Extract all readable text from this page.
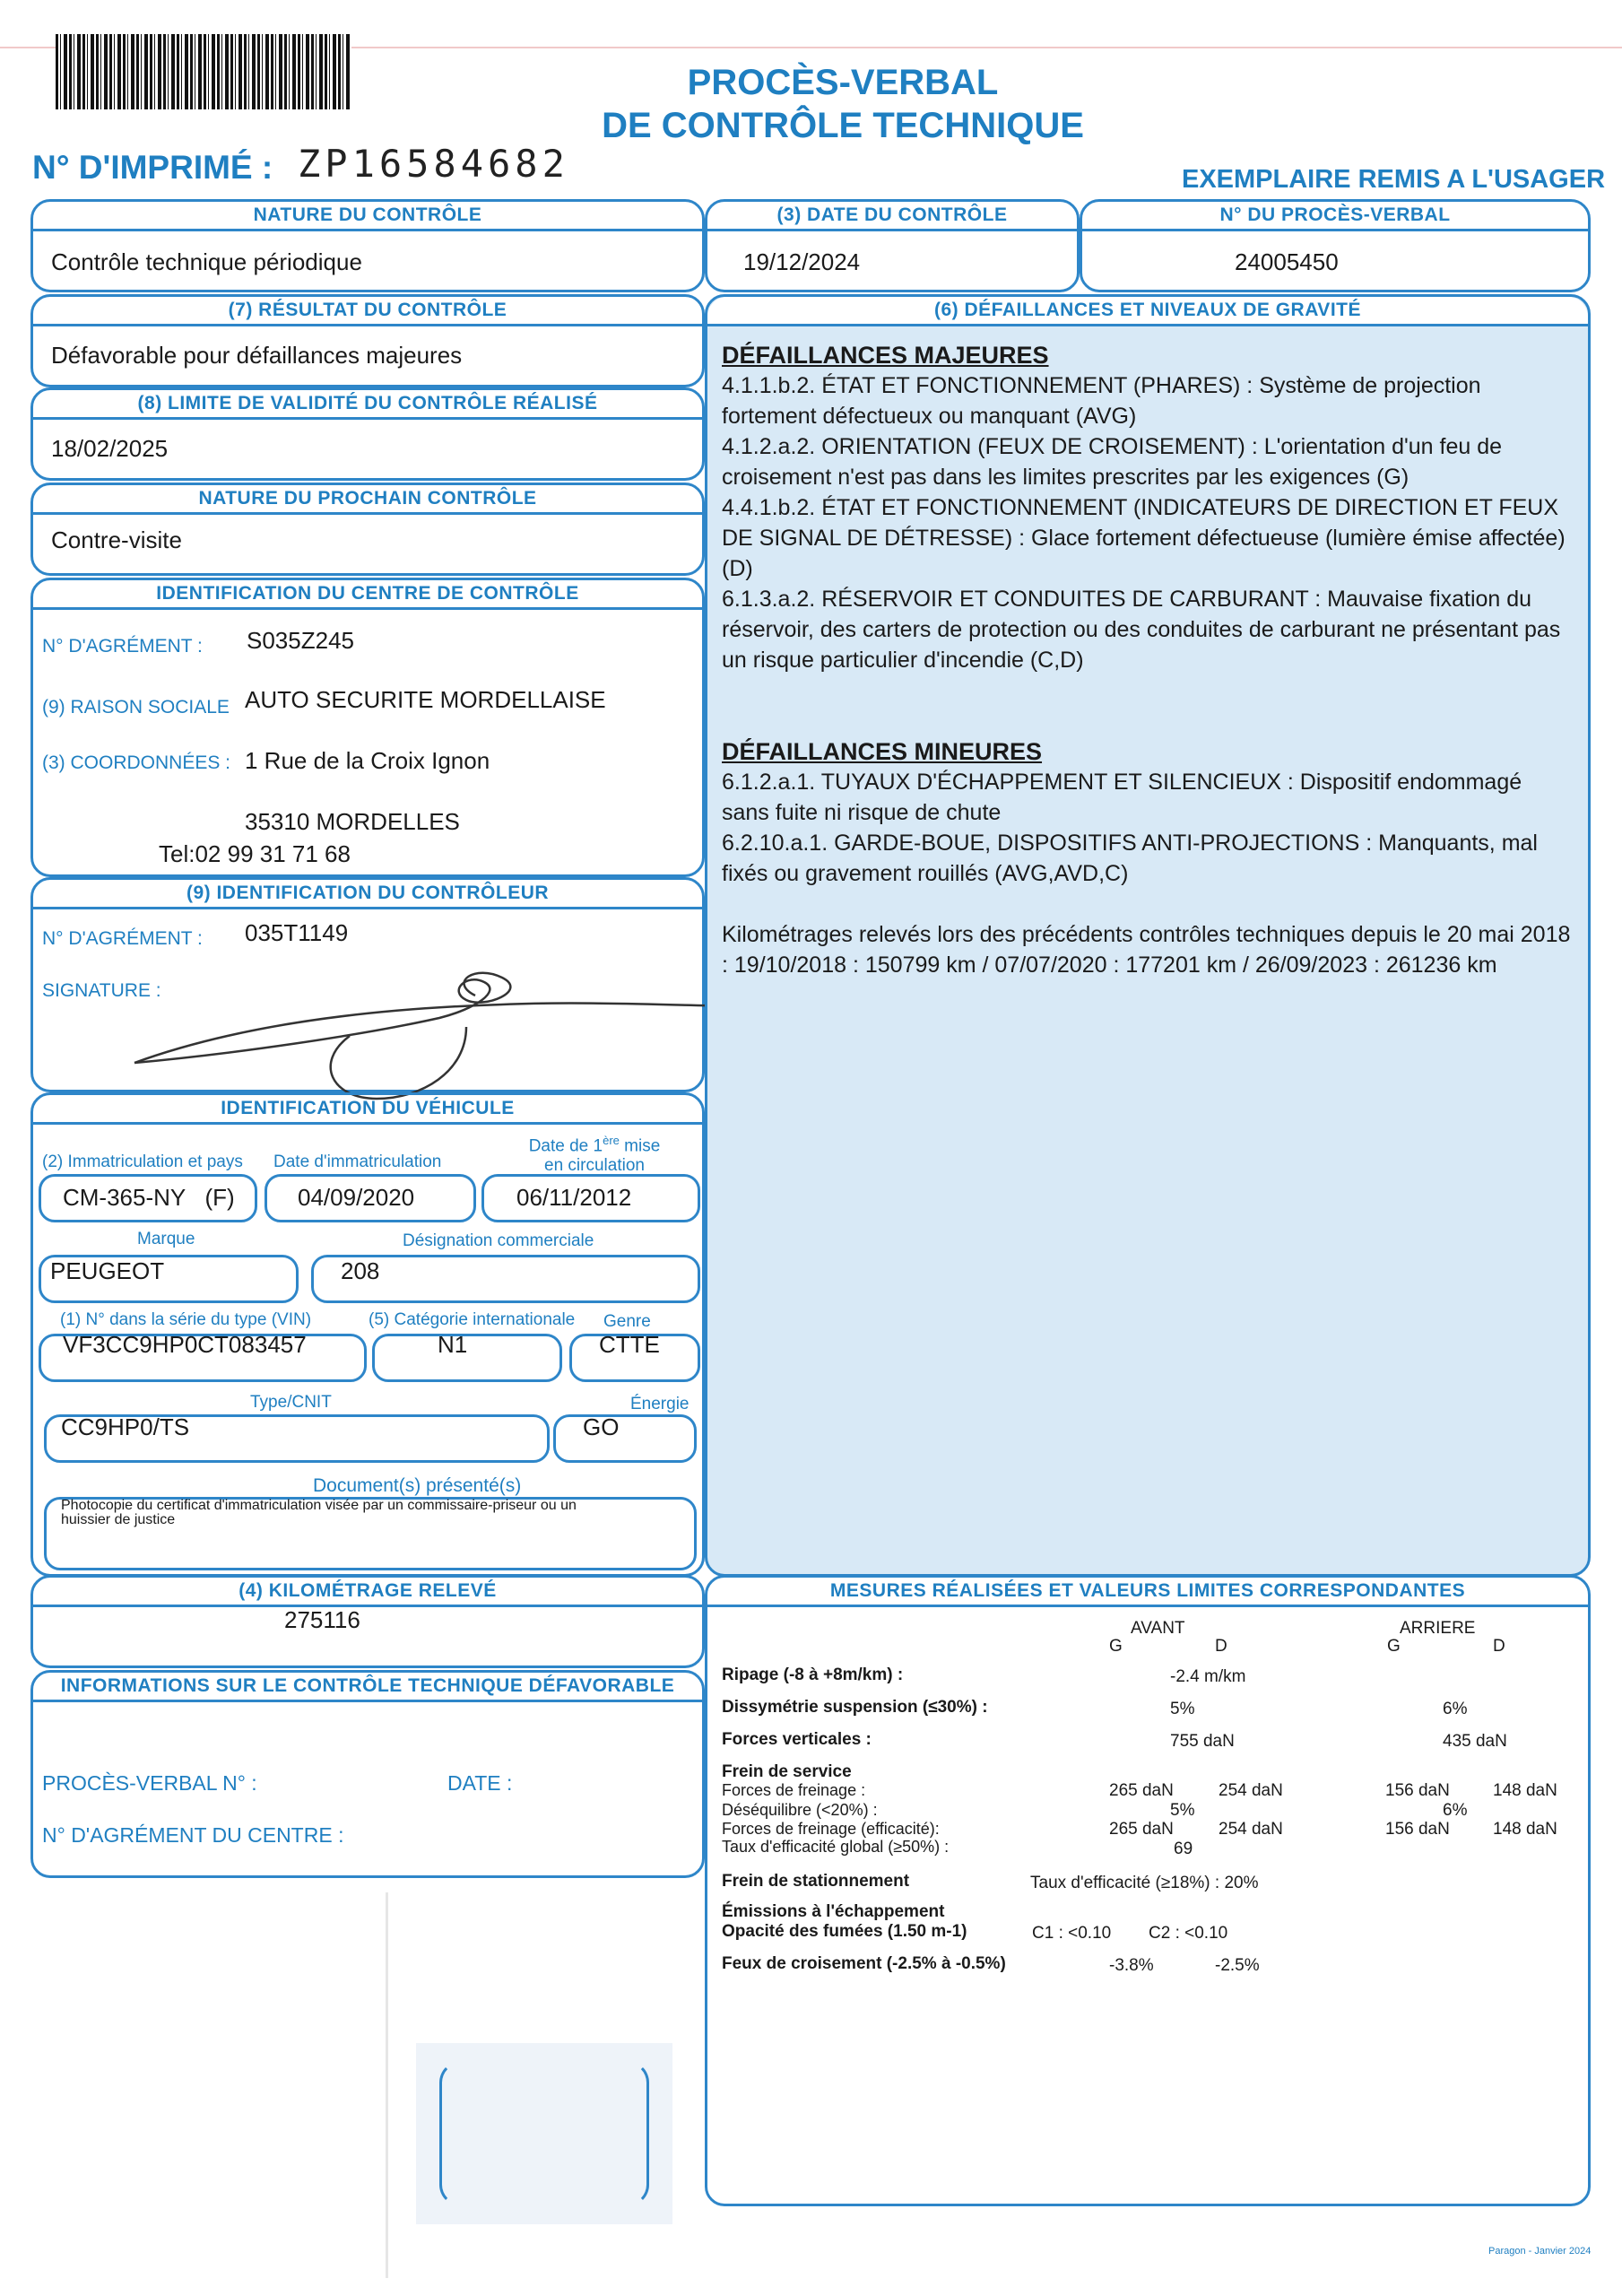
PROCÈS-VERBAL
DE CONTRÔLE TECHNIQUE
N° D'IMPRIMÉ : ZP16584682	EXEMPLAIRE REMIS A L'USAGER
NATURE DU CONTRÔLE
Contrôle technique périodique
(3) DATE DU CONTRÔLE
19/12/2024
N° DU PROCÈS-VERBAL
24005450
(7) RÉSULTAT DU CONTRÔLE
Défavorable pour défaillances majeures
(8) LIMITE DE VALIDITÉ DU CONTRÔLE RÉALISÉ
18/02/2025
NATURE DU PROCHAIN CONTRÔLE
Contre-visite
IDENTIFICATION DU CENTRE DE CONTRÔLE
N° D'AGRÉMENT : S035Z245
(9) RAISON SOCIALE AUTO SECURITE MORDELLAISE
(3) COORDONNÉES : 1 Rue de la Croix Ignon
35310 MORDELLES
Tel:02 99 31 71 68
(9) IDENTIFICATION DU CONTRÔLEUR
N° D'AGRÉMENT : 035T1149
SIGNATURE :
IDENTIFICATION DU VÉHICULE
(2) Immatriculation et pays Date d'immatriculation
Date de 1ère mise
en circulation
CM-365-NY   (F)	04/09/2020	06/11/2012
Marque	Désignation commerciale
PEUGEOT	208
(1) N° dans la série du type (VIN)	(5) Catégorie internationale Genre
VF3CC9HP0CT083457	N1	CTTE
Type/CNIT	Énergie
CC9HP0/TS	GO
Document(s) présenté(s)
Photocopie du certificat d'immatriculation visée par un commissaire-priseur ou un
huissier de justice
(4) KILOMÉTRAGE RELEVÉ
275116
INFORMATIONS SUR LE CONTRÔLE TECHNIQUE DÉFAVORABLE
PROCÈS-VERBAL N° :	DATE :
N° D'AGRÉMENT DU CENTRE :
(6) DÉFAILLANCES ET NIVEAUX DE GRAVITÉ
DÉFAILLANCES MAJEURES
4.1.1.b.2. ÉTAT ET FONCTIONNEMENT (PHARES) : Système de projection fortement défectueux ou manquant (AVG)
4.1.2.a.2. ORIENTATION (FEUX DE CROISEMENT) : L'orientation d'un feu de croisement n'est pas dans les limites prescrites par les exigences (G)
4.4.1.b.2. ÉTAT ET FONCTIONNEMENT (INDICATEURS DE DIRECTION ET FEUX DE SIGNAL DE DÉTRESSE) : Glace fortement défectueuse (lumière émise affectée) (D)
6.1.3.a.2. RÉSERVOIR ET CONDUITES DE CARBURANT : Mauvaise fixation du réservoir, des carters de protection ou des conduites de carburant ne présentant pas un risque particulier d'incendie (C,D)
DÉFAILLANCES MINEURES
6.1.2.a.1. TUYAUX D'ÉCHAPPEMENT ET SILENCIEUX : Dispositif endommagé sans fuite ni risque de chute
6.2.10.a.1. GARDE-BOUE, DISPOSITIFS ANTI-PROJECTIONS : Manquants, mal fixés ou gravement rouillés (AVG,AVD,C)
Kilométrages relevés lors des précédents contrôles techniques depuis le 20 mai 2018 : 19/10/2018 : 150799 km / 07/07/2020 : 177201 km / 26/09/2023 : 261236 km
MESURES RÉALISÉES ET VALEURS LIMITES CORRESPONDANTES
AVANT	ARRIERE
G	D	G	D
Ripage (-8 à +8m/km) :	-2.4 m/km
Dissymétrie suspension (≤30%) :	5%	6%
Forces verticales :	755 daN	435 daN
Frein de service
Forces de freinage :	265 daN	254 daN	156 daN	148 daN
Déséquilibre (<20%) :	5%	6%
Forces de freinage (efficacité):	265 daN	254 daN	156 daN	148 daN
Taux d'efficacité global (≥50%) :	69
Frein de stationnement	Taux d'efficacité (≥18%) : 20%
Émissions à l'échappement
Opacité des fumées (1.50 m-1)	C1 : <0.10 C2 : <0.10
Feux de croisement (-2.5% à -0.5%)	-3.8%	-2.5%
Paragon - Janvier 2024
